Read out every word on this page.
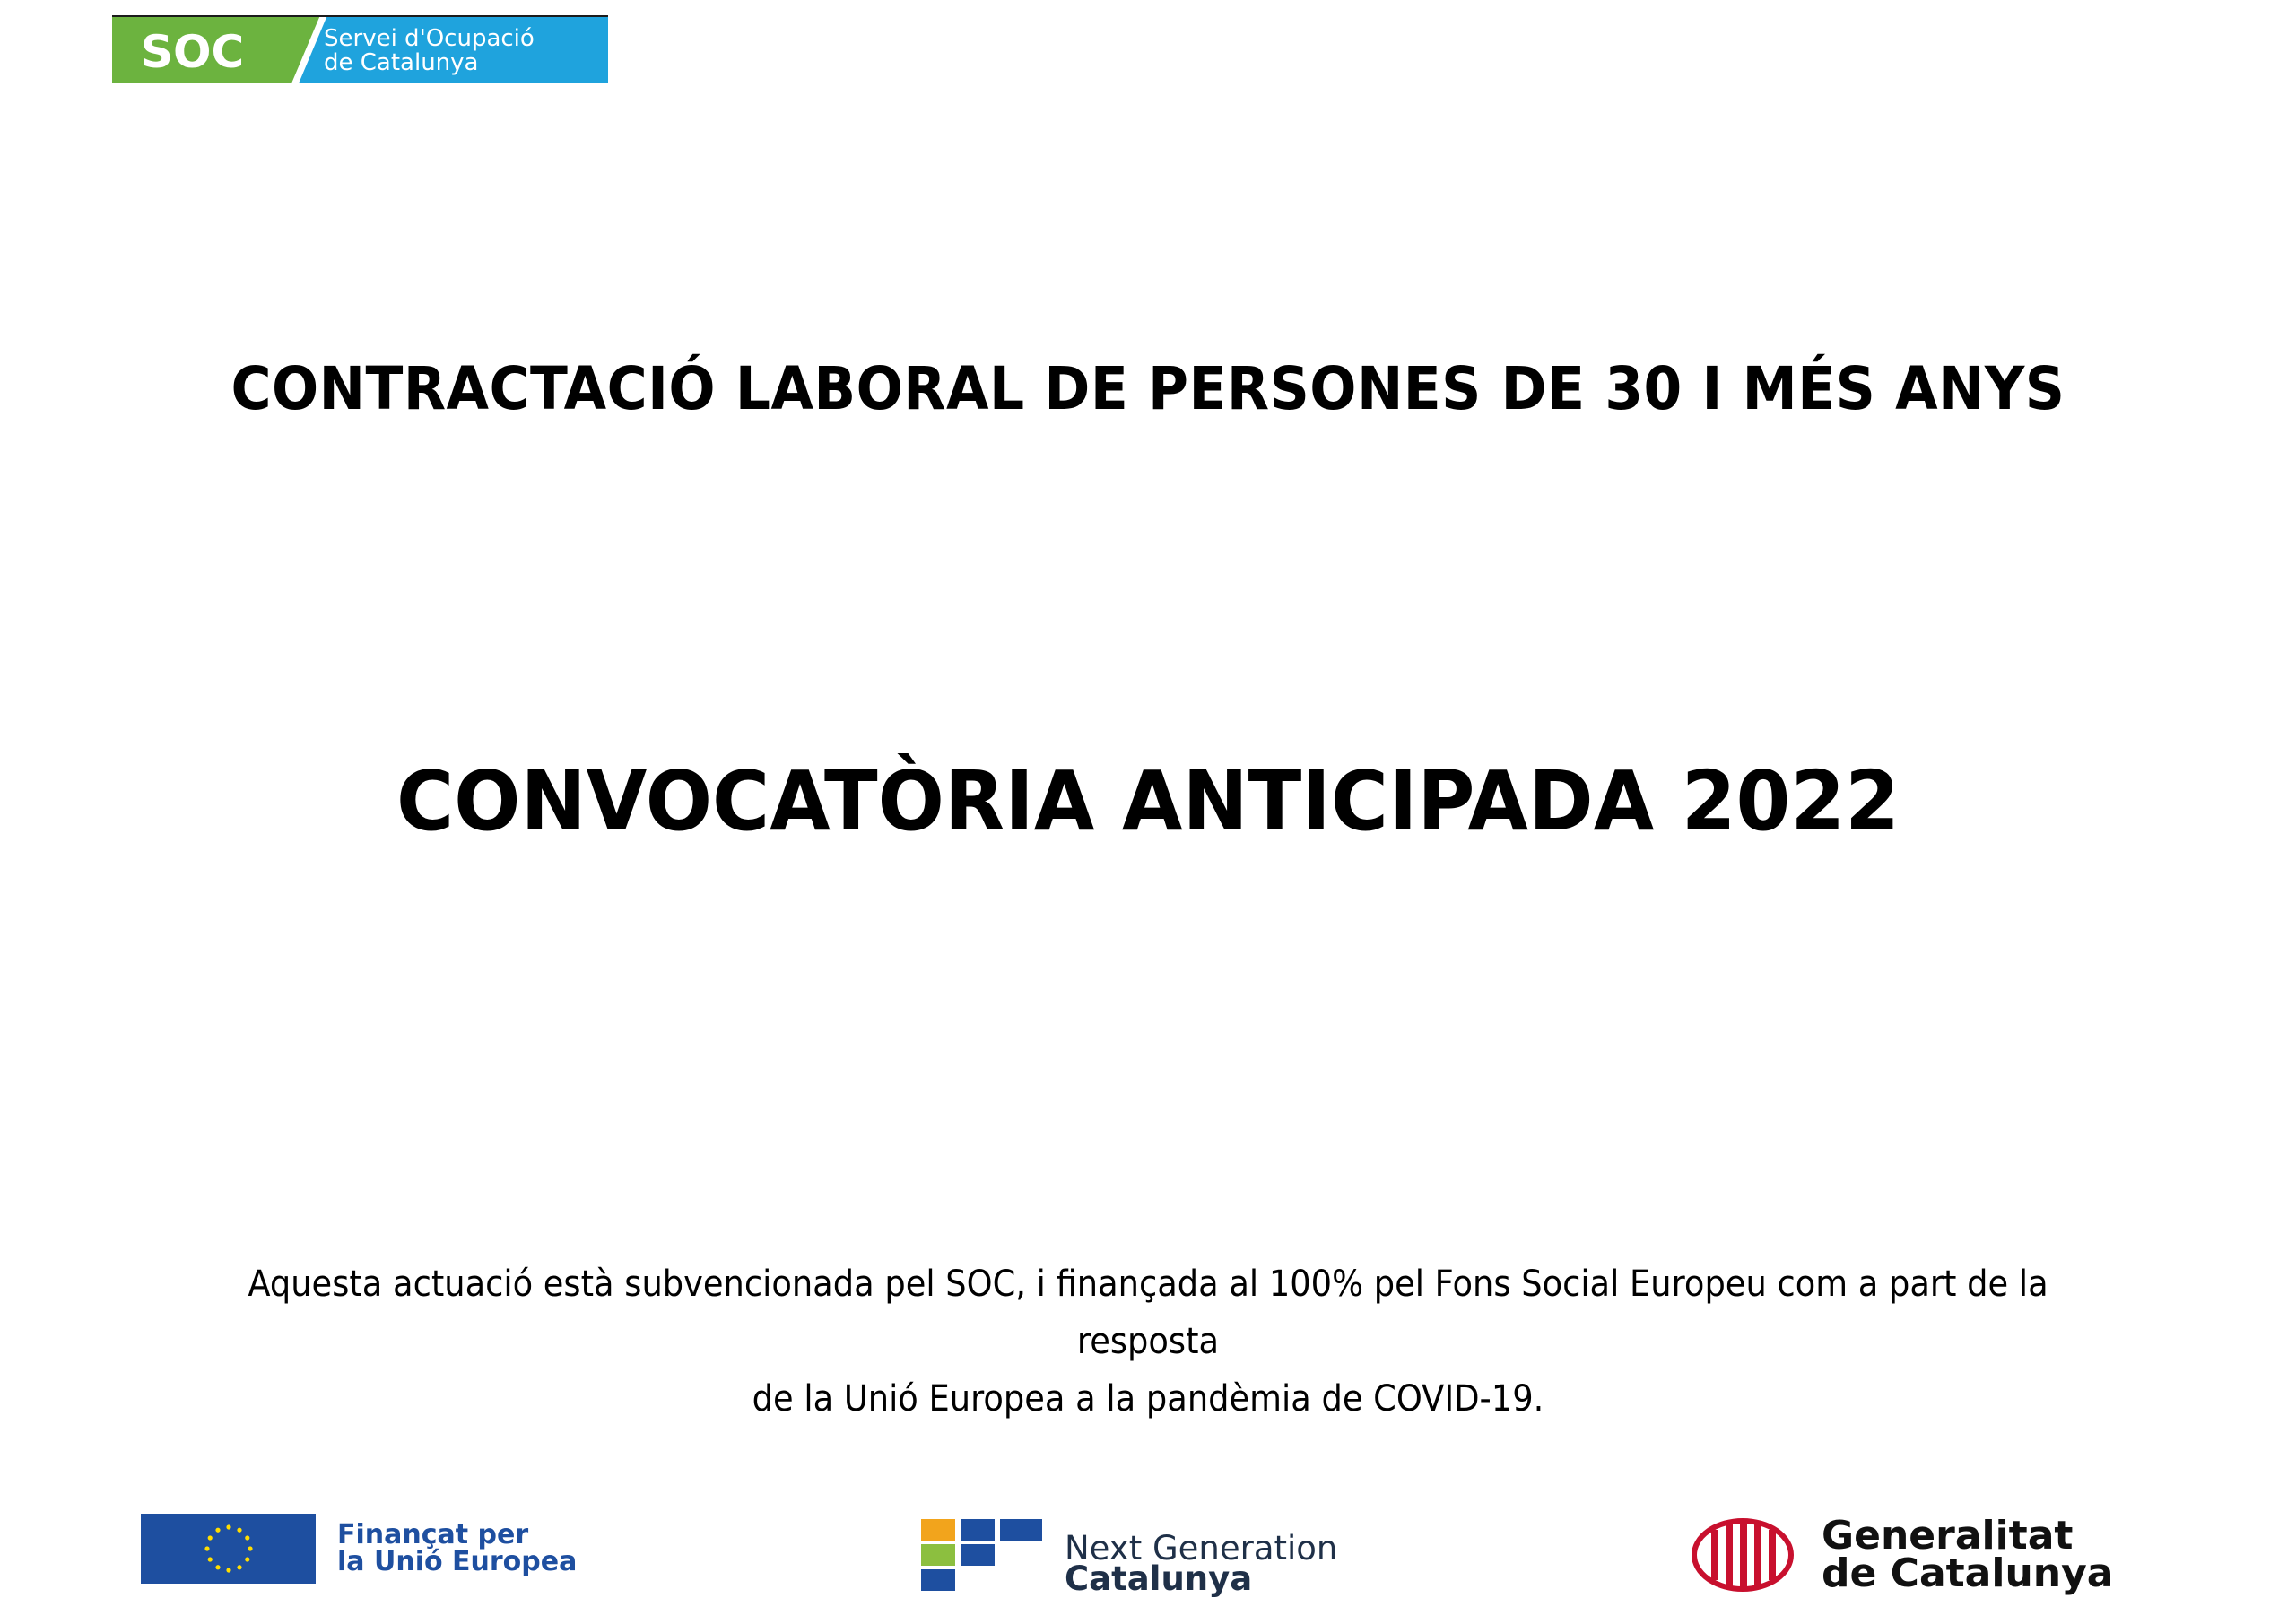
SOC	Servei d'Ocupació
de Catalunya
CONTRACTACIÓ LABORAL DE PERSONES DE 30 I MÉS ANYS
CONVOCATÒRIA ANTICIPADA 2022
Aquesta actuació està subvencionada pel SOC, i finançada al 100% pel Fons Social Europeu com a part de la resposta
de la Unió Europea a la pandèmia de COVID-19.
Finançat per
la Unió Europea	Next Generation
Catalunya
Generalitat
de Catalunya
